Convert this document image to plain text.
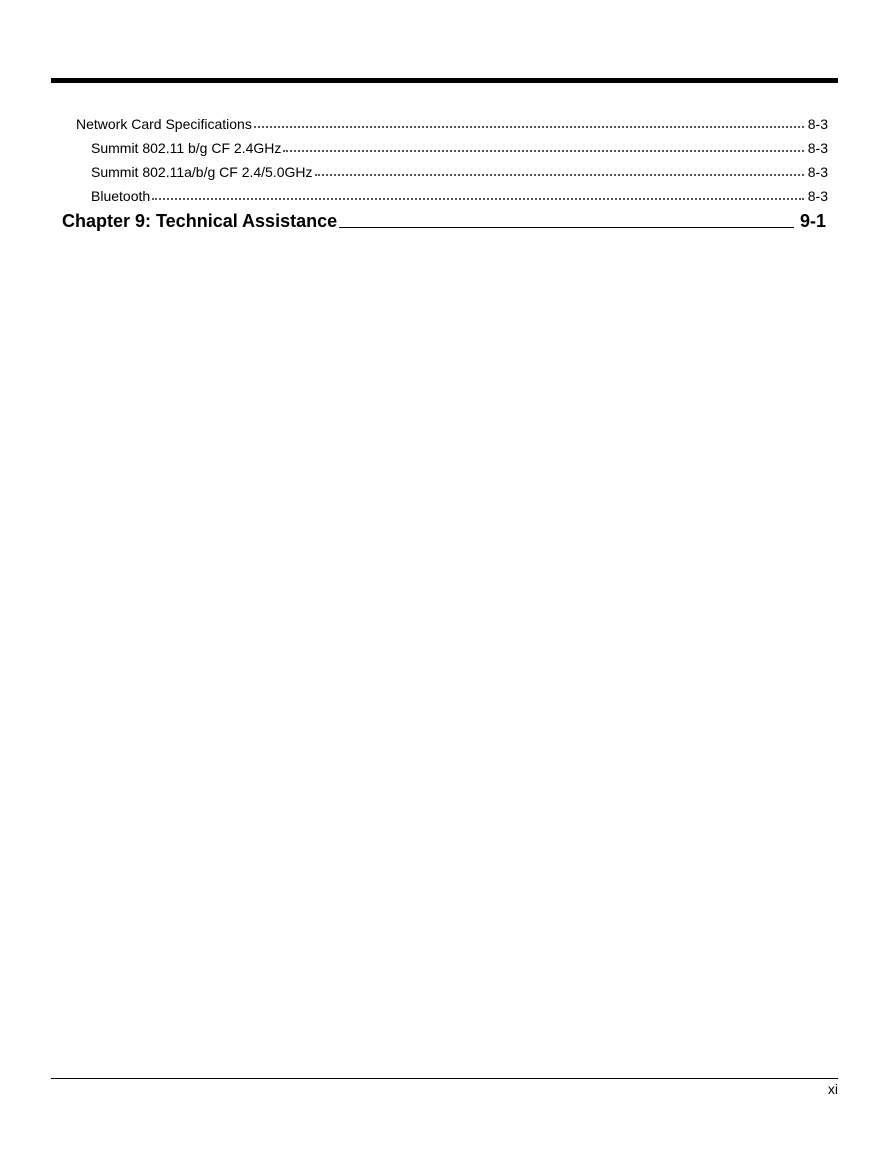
Network Card Specifications	8-3
Summit 802.11 b/g CF 2.4GHz	8-3
Summit 802.11a/b/g CF 2.4/5.0GHz	8-3
Bluetooth	8-3
Chapter 9: Technical Assistance	9-1
xi
